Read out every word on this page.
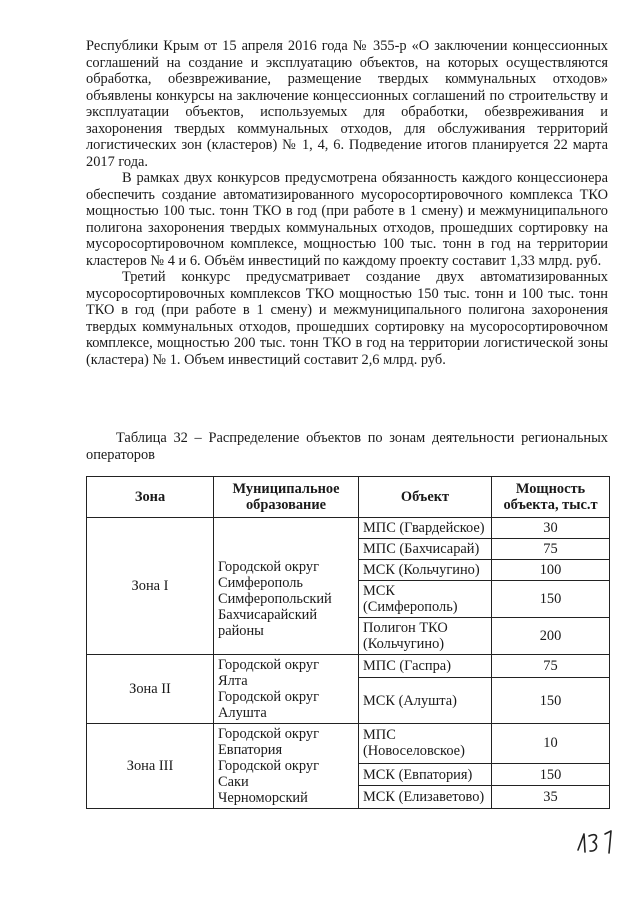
Республики Крым от 15 апреля 2016 года № 355-р «О заключении концессионных соглашений на создание и эксплуатацию объектов, на которых осуществляются обработка, обезвреживание, размещение твердых коммунальных отходов» объявлены конкурсы на заключение концессионных соглашений по строительству и эксплуатации объектов, используемых для обработки, обезвреживания и захоронения твердых коммунальных отходов, для обслуживания территорий логистических зон (кластеров) № 1, 4, 6. Подведение итогов планируется 22 марта 2017 года.

В рамках двух конкурсов предусмотрена обязанность каждого концессионера обеспечить создание автоматизированного мусоросортировочного комплекса ТКО мощностью 100 тыс. тонн ТКО в год (при работе в 1 смену) и межмуниципального полигона захоронения твердых коммунальных отходов, прошедших сортировку на мусоросортировочном комплексе, мощностью 100 тыс. тонн в год на территории кластеров № 4 и 6. Объём инвестиций по каждому проекту составит 1,33 млрд. руб.

Третий конкурс предусматривает создание двух автоматизированных мусоросортировочных комплексов ТКО мощностью 150 тыс. тонн и 100 тыс. тонн ТКО в год (при работе в 1 смену) и межмуниципального полигона захоронения твердых коммунальных отходов, прошедших сортировку на мусоросортировочном комплексе, мощностью 200 тыс. тонн ТКО в год на территории логистической зоны (кластера) № 1. Объем инвестиций составит 2,6 млрд. руб.

Таблица 32 – Распределение объектов по зонам деятельности региональных операторов
Зона	Муниципальное образование	Объект	Мощность объекта, тыс.т
Зона I	Городской округ
Симферополь
Симферопольский
Бахчисарайский
районы	МПС (Гвардейское)	30
		МПС (Бахчисарай)	75
		МСК (Кольчугино)	100
		МСК (Симферополь)	150
		Полигон ТКО (Кольчугино)	200
Зона II	Городской округ
Ялта
Городской округ
Алушта	МПС (Гаспра)	75
		МСК (Алушта)	150
Зона III	Городской округ
Евпатория
Городской округ
Саки
Черноморский	МПС (Новоселовское)	10
		МСК (Евпатория)	150
		МСК (Елизаветово)	35
